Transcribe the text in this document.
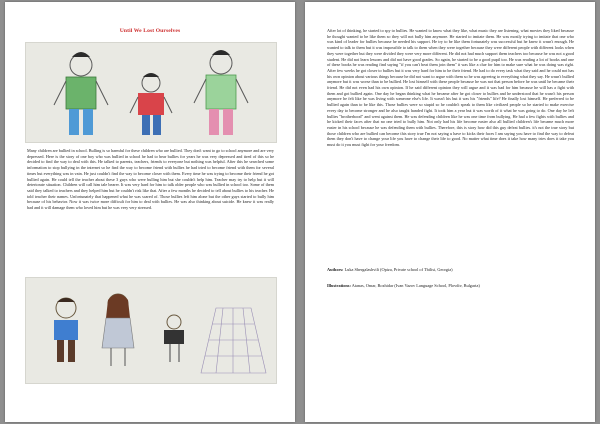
Until We Lost Ourselves

Many children are bullied in school. Bulling is so harmful for these children who are bullied. They don't want to go to school anymore and are very depressed. Here is the story of one boy who was bullied in school he had to bear bullies for years he was very depressed and tired of this so he decided to find the way to deal with this. He talked to parents, teachers, friends to everyone but nothing was helpful. After this he searched some information to stop bullying in the internet so he find the way to become friend with bullies he had tried to become friend with them for several times but everything was in vain. He just couldn't find the way to become closer with them. Every time he was trying to become their friend he got bullied again. He could tell the teacher about these 3 guys who were bulling him but she couldn't help him. Teacher may try to help but it will deteriorate situation. Children will call him tale bearer. It was very hard for him to talk older people who was bullied in school too. Some of them said they talked to teachers and they helped him but he couldn't risk like that. After a few months he decided to tell about bullies to his teacher. He told teacher their names. Unfortunately that happened what he was scared of. Those bullies left him alone but the other guys started to bully him because of his behavior. Now it was twice more difficult for him to deal with bullies. He was also thinking about suicide. He knew it was really bad and it will damage them who loved him but he was very very stressed.

After lot of thinking, he started to spy to bullies. He wanted to know what they like, what music they are listening, what movies they liked because he thought wanted to be like them so they will not bully him anymore. He started to imitate them. He was mostly trying to imitate that one who was kind of leader for bullies because he needed his support. He try to be like them fortunately was successful but he knew it wasn't enough. He wanted to talk to them but it was impossible to talk to them when they were together because they were different people with different looks when they were together but they were divided they were very more different. He did not had much support them teachers too because he was not a good student. He did not learn lessons and did not have good grades. So again, he started to be a good pupil too. He was reading a lot of books and one of these books he was reading find saying "if you can't beat them join them" it was like a clue for him to make sure what he was doing was right. After few weeks he got closer to bullies but it was very hard for him to be their friend. He had to do every task what they said and he could not has his own opinion about various things because he did not want to argue with them so he was agreeing to everything what they say. He wasn't bullied anymore but it was worse than to be bullied. He lost himself with these people because he was not that person before he was until he became their friend. He did not even had his own opinion. If he said different opinion they will argue and it was bad for him because he will has a fight with them and got bullied again. One day he began thinking what he became after he got closer to bullies and he understood that he wasn't his person anymore he felt like he was living with someone else's life. It wasn't his but it was his "friends" life? He finally lost himself. He preferred to be bullied again than to be like this. Those bullies were so stupid so he couldn't speak to them like civilized people so he started to make exercise every day to become stronger and he also taught handed fight. It took him a year but it was worth of it what he was going to do. One day he left bullies "brotherhood" and went against them. He was defending children like he was one time from bullying. He had a few fights with bullies and he kicked their faces after that no one tried to bully him. Not only had his life become easier also all bullied children's life became much more easier in his school because he was defending them with bullies. Therefore, this is story how did this guy defeat bullies. it's not the true story but those children who are bullied can become this story true I'm not saying u have to kicks their faces I am saying you have to find the way to defeat them they don't have to change your life you have to change their life to good. No matter what time does it take how many tries does it take you must do it you must fight for your freedom.

Authors: Luka Shergalashvili (Opiza, Private school of Tbilisi, Georgia)

Illustrations: Atanas, Omar, Bozhidar (Ivan Vazov Language School, Plovdiv, Bulgaria)
